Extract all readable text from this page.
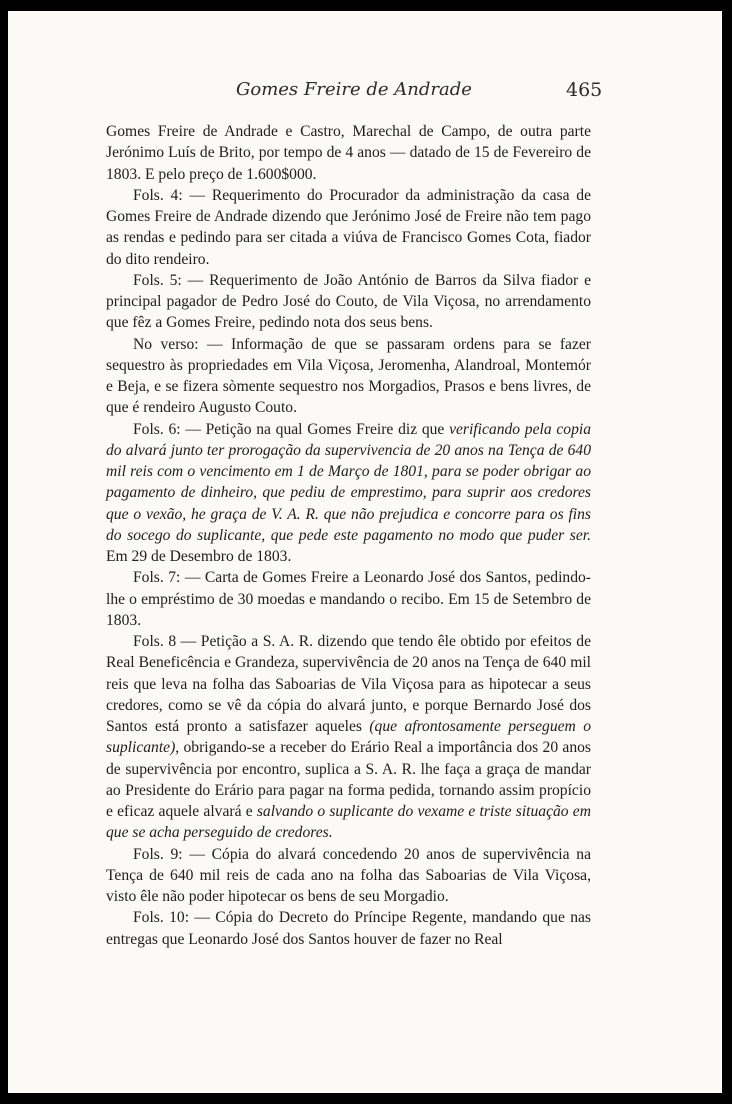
Gomes Freire de Andrade	465

Gomes Freire de Andrade e Castro, Marechal de Campo, de outra parte Jerónimo Luís de Brito, por tempo de 4 anos — datado de 15 de Fevereiro de 1803. E pelo preço de 1.600$000.

Fols. 4: — Requerimento do Procurador da administração da casa de Gomes Freire de Andrade dizendo que Jerónimo José de Freire não tem pago as rendas e pedindo para ser citada a viúva de Francisco Gomes Cota, fiador do dito rendeiro.

Fols. 5: — Requerimento de João António de Barros da Silva fiador e principal pagador de Pedro José do Couto, de Vila Viçosa, no arrendamento que fêz a Gomes Freire, pedindo nota dos seus bens.

No verso: — Informação de que se passaram ordens para se fazer sequestro às propriedades em Vila Viçosa, Jeromenha, Alandroal, Montemór e Beja, e se fizera sòmente sequestro nos Morgadios, Prasos e bens livres, de que é rendeiro Augusto Couto.

Fols. 6: — Petição na qual Gomes Freire diz que verificando pela copia do alvará junto ter prorogação da supervivencia de 20 anos na Tença de 640 mil reis com o vencimento em 1 de Março de 1801, para se poder obrigar ao pagamento de dinheiro, que pediu de emprestimo, para suprir aos credores que o vexão, he graça de V. A. R. que não prejudica e concorre para os fins do socego do suplicante, que pede este pagamento no modo que puder ser. Em 29 de Desembro de 1803.

Fols. 7: — Carta de Gomes Freire a Leonardo José dos Santos, pedindo-lhe o empréstimo de 30 moedas e mandando o recibo. Em 15 de Setembro de 1803.

Fols. 8 — Petição a S. A. R. dizendo que tendo êle obtido por efeitos de Real Beneficência e Grandeza, supervivência de 20 anos na Tença de 640 mil reis que leva na folha das Saboarias de Vila Viçosa para as hipotecar a seus credores, como se vê da cópia do alvará junto, e porque Bernardo José dos Santos está pronto a satisfazer aqueles (que afrontosamente perseguem o suplicante), obrigando-se a receber do Erário Real a importância dos 20 anos de supervivência por encontro, suplica a S. A. R. lhe faça a graça de mandar ao Presidente do Erário para pagar na forma pedida, tornando assim propício e eficaz aquele alvará e salvando o suplicante do vexame e triste situação em que se acha perseguido de credores.

Fols. 9: — Cópia do alvará concedendo 20 anos de supervivência na Tença de 640 mil reis de cada ano na folha das Saboarias de Vila Viçosa, visto êle não poder hipotecar os bens de seu Morgadio.

Fols. 10: — Cópia do Decreto do Príncipe Regente, mandando que nas entregas que Leonardo José dos Santos houver de fazer no Real
